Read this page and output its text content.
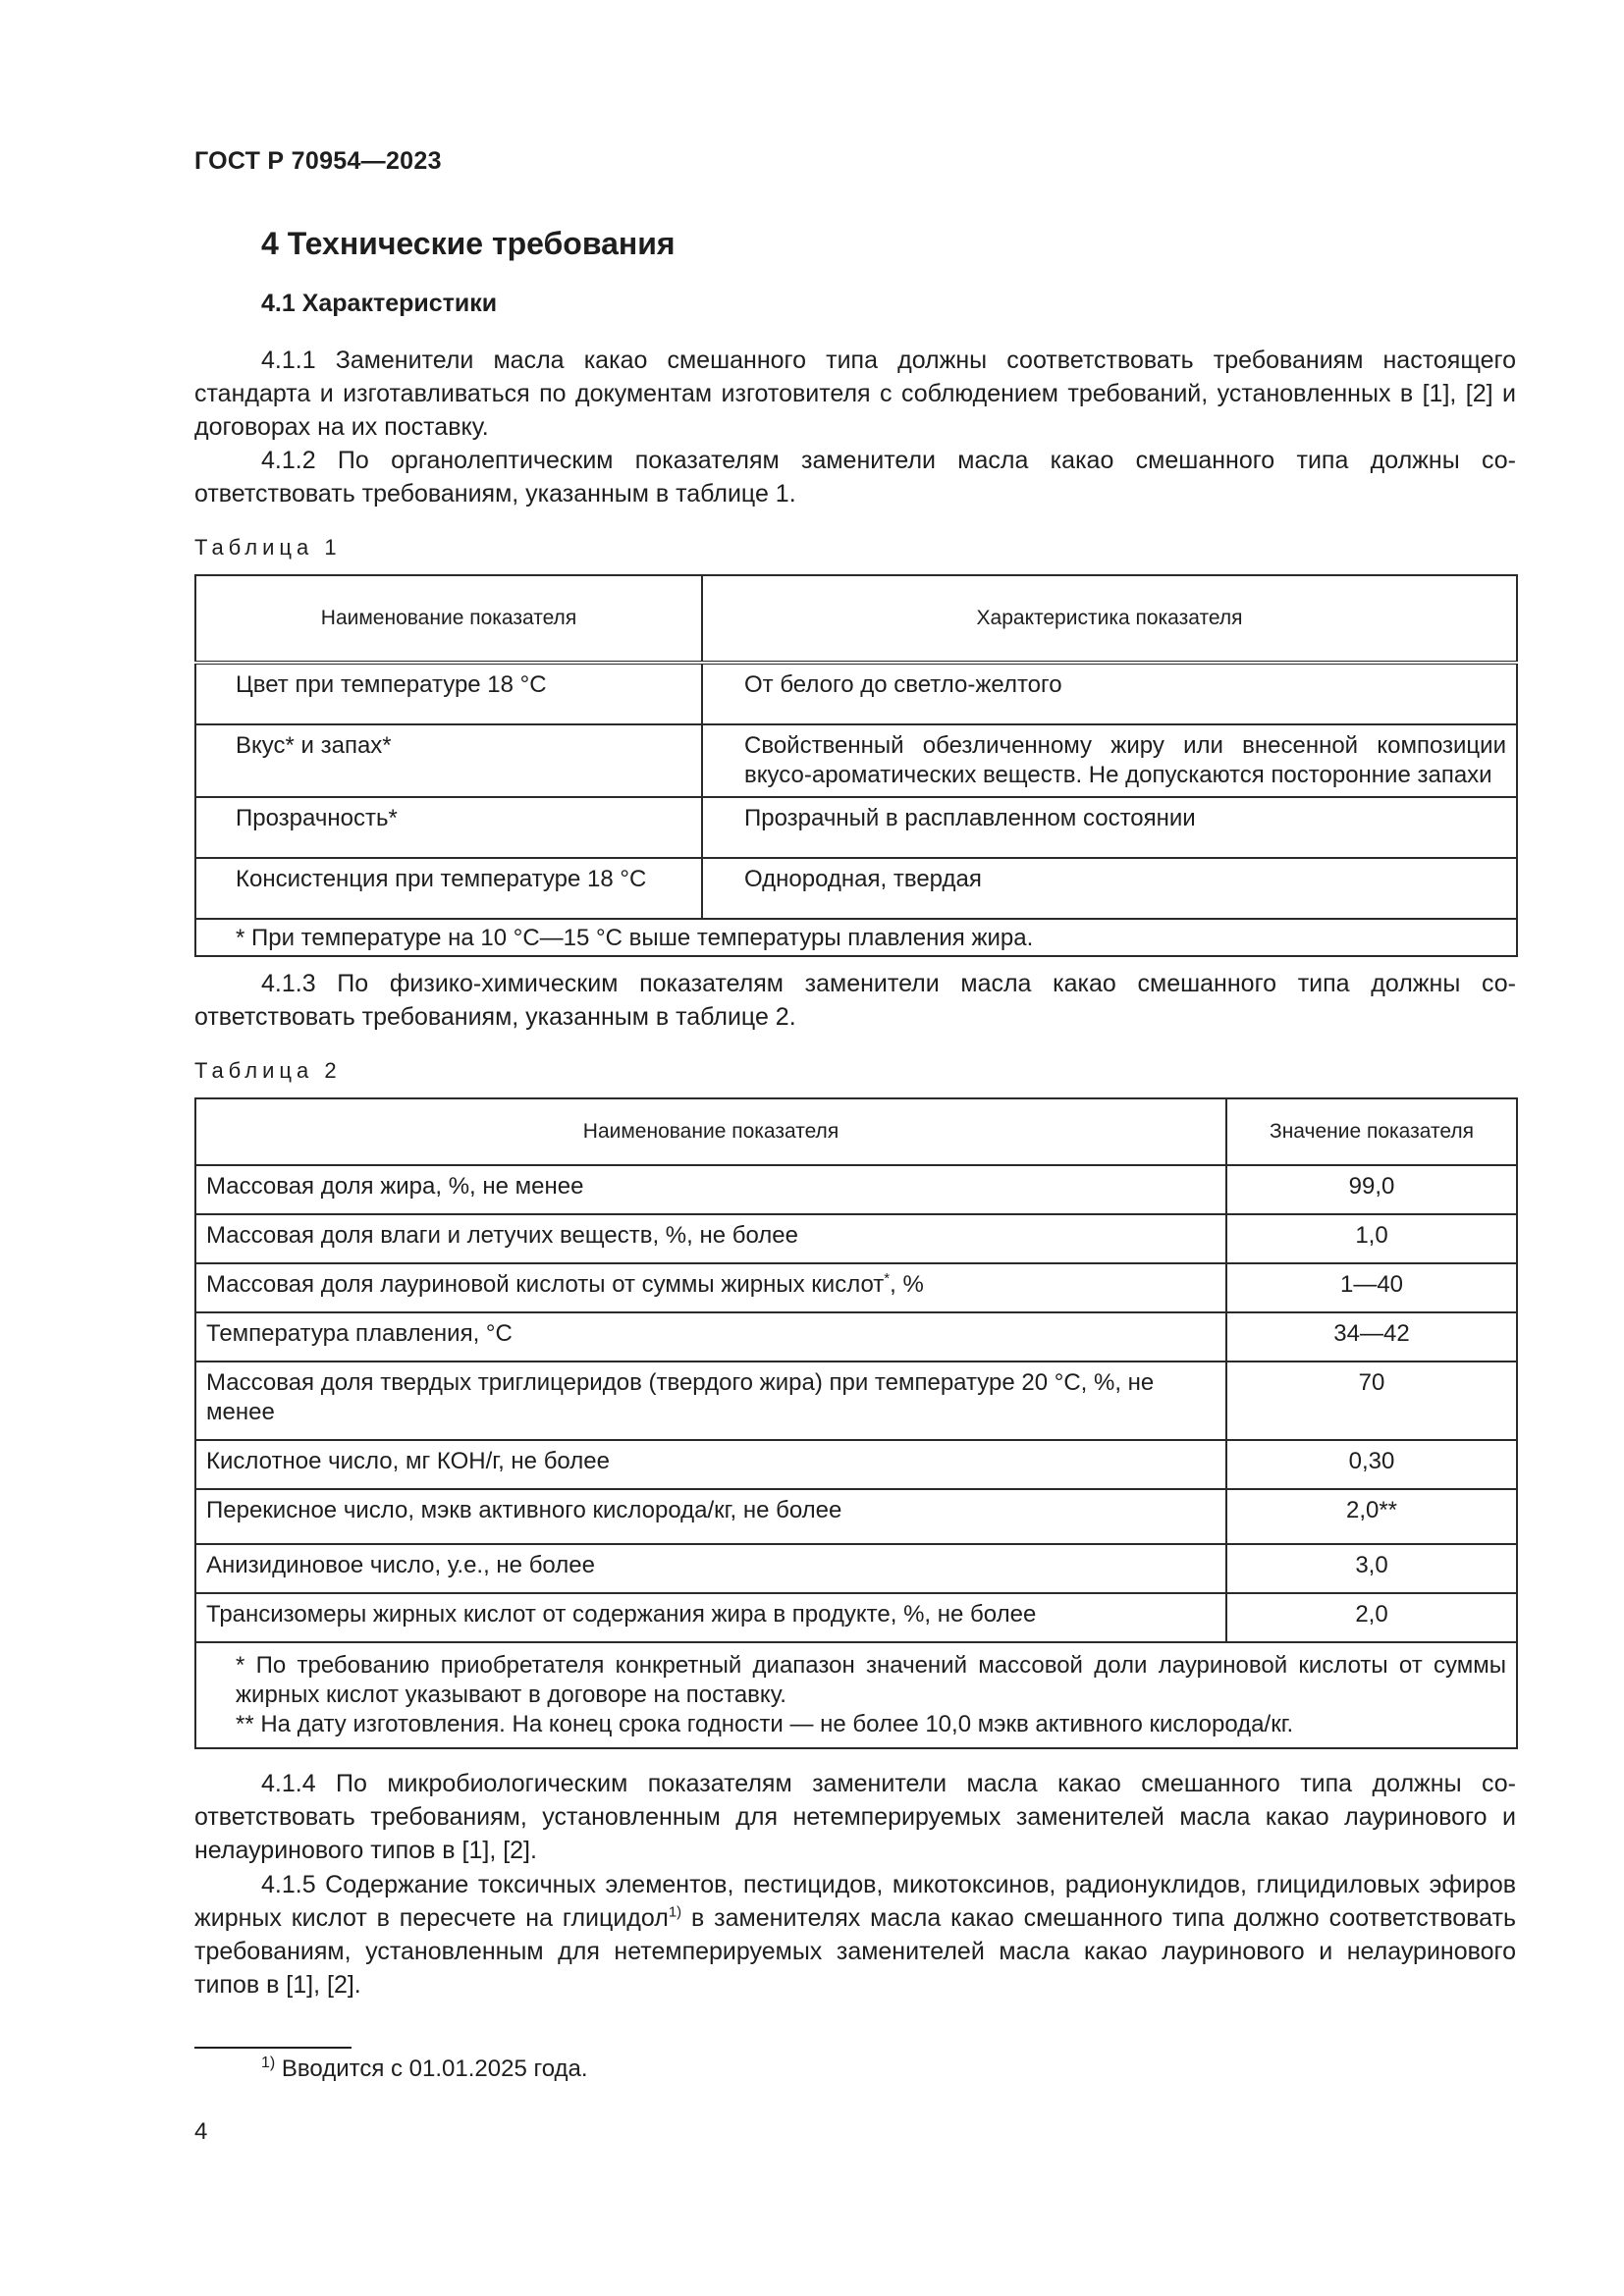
ГОСТ Р 70954—2023
4 Технические требования
4.1 Характеристики
4.1.1 Заменители масла какао смешанного типа должны соответствовать требованиям настоящего стандарта и изготавливаться по документам изготовителя с соблюдением требований, установленных в [1], [2] и договорах на их поставку.
4.1.2 По органолептическим показателям заменители масла какао смешанного типа должны соответствовать требованиям, указанным в таблице 1.
Таблица 1
Наименование показателя	Характеристика показателя
Цвет при температуре 18 °С	От белого до светло-желтого
Вкус* и запах*	Свойственный обезличенному жиру или внесенной композиции вкусо-ароматических веществ. Не допускаются посторонние запахи
Прозрачность*	Прозрачный в расплавленном состоянии
Консистенция при температуре 18 °С	Однородная, твердая
* При температуре на 10 °С—15 °С выше температуры плавления жира.	
4.1.3 По физико-химическим показателям заменители масла какао смешанного типа должны соответствовать требованиям, указанным в таблице 2.
Таблица 2
Наименование показателя	Значение показателя
Массовая доля жира, %, не менее	99,0
Массовая доля влаги и летучих веществ, %, не более	1,0
Массовая доля лауриновой кислоты от суммы жирных кислот*, %	1—40
Температура плавления, °С	34—42
Массовая доля твердых триглицеридов (твердого жира) при температуре 20 °С, %, не менее	70
Кислотное число, мг КОН/г, не более	0,30
Перекисное число, мэкв активного кислорода/кг, не более	2,0**
Анизидиновое число, у.е., не более	3,0
Трансизомеры жирных кислот от содержания жира в продукте, %, не более	2,0

* По требованию приобретателя конкретный диапазон значений массовой доли лауриновой кислоты от суммы жирных кислот указывают в договоре на поставку.
** На дату изготовления. На конец срока годности — не более 10,0 мэкв активного кислорода/кг.	
4.1.4 По микробиологическим показателям заменители масла какао смешанного типа должны соответствовать требованиям, установленным для нетемперируемых заменителей масла какао лауринового и нелауринового типов в [1], [2].
4.1.5 Содержание токсичных элементов, пестицидов, микотоксинов, радионуклидов, глицидиловых эфиров жирных кислот в пересчете на глицидол$^{1)}$ в заменителях масла какао смешанного типа должно соответствовать требованиям, установленным для нетемперируемых заменителей масла какао лауринового и нелауринового типов в [1], [2].
$^{1)}$ Вводится с 01.01.2025 года.
4
